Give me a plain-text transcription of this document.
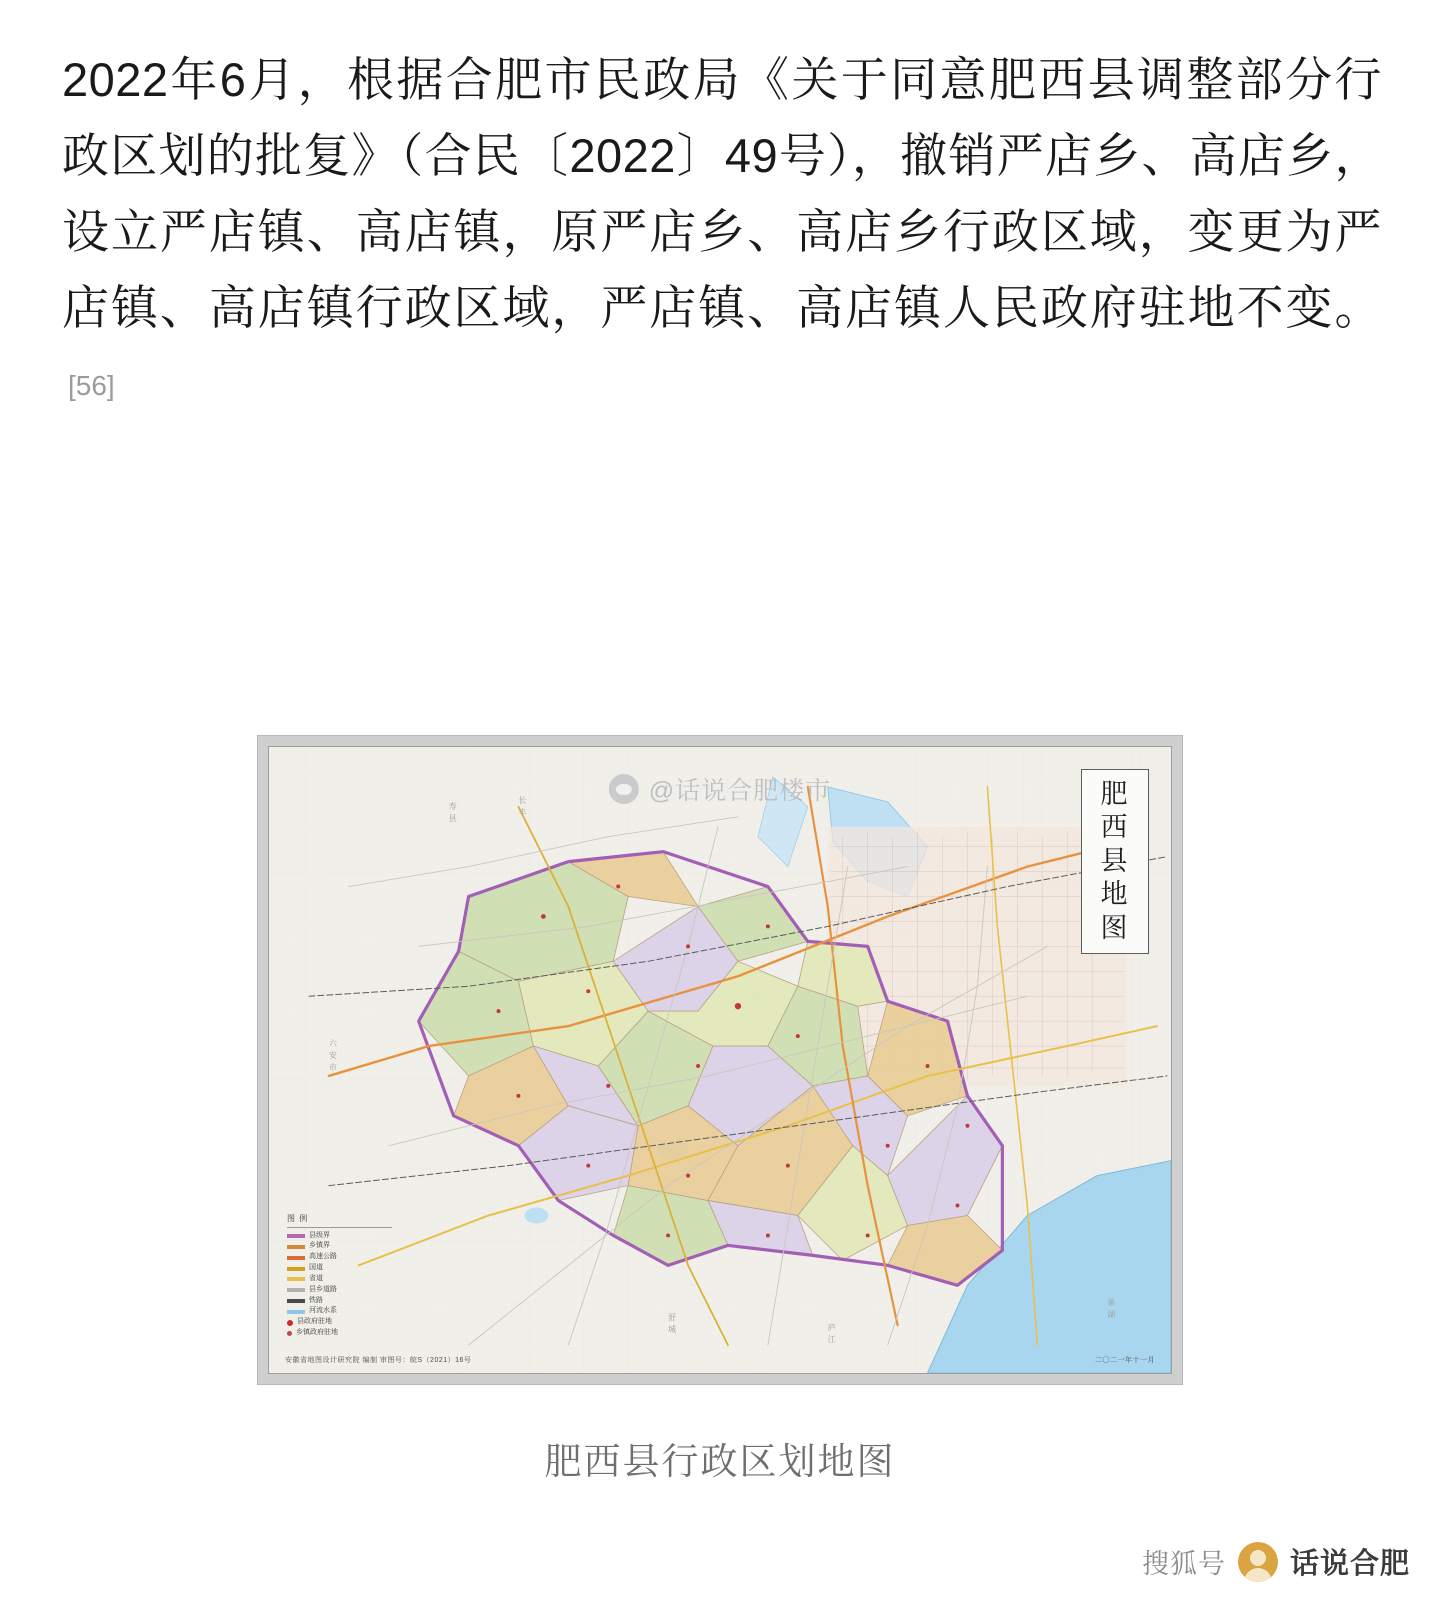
2022年6月，根据合肥市民政局《关于同意肥西县调整部分行政区划的批复》（合民〔2022〕49号），撤销严店乡、高店乡，设立严店镇、高店镇，原严店乡、高店乡行政区域，变更为严店镇、高店镇行政区域，严店镇、高店镇人民政府驻地不变。[56]

六
安
市
寿
县
长
丰
舒
城	庐
江
巢
湖
@话说合肥楼市	肥
西
县
地
图
图 例
县级界
乡镇界
高速公路
国道
省道
县乡道路
铁路
河流水系
县政府驻地
乡镇政府驻地
安徽省地图设计研究院 编制 审图号：皖S（2021）16号	二〇二一年十一月
肥西县行政区划地图
搜狐号 话说合肥
